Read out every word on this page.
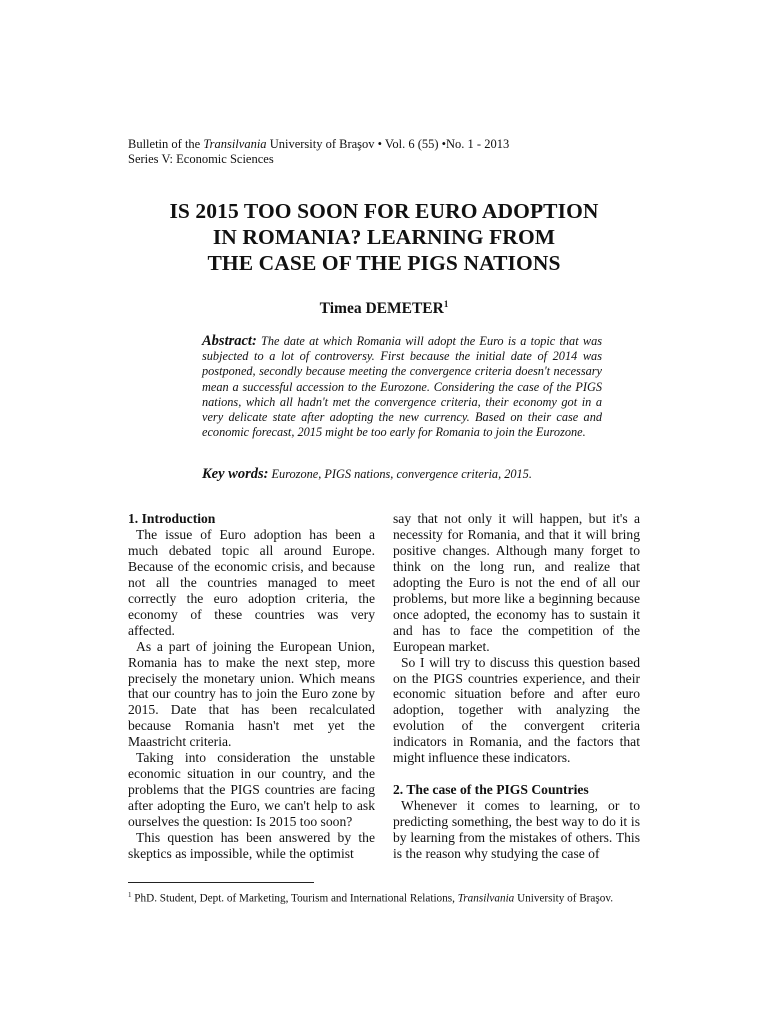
Bulletin of the Transilvania University of Braşov • Vol. 6 (55) •No. 1 - 2013
Series V: Economic Sciences
IS 2015 TOO SOON FOR EURO ADOPTION
IN ROMANIA? LEARNING FROM
THE CASE OF THE PIGS NATIONS
Timea DEMETER$^1$
Abstract: The date at which Romania will adopt the Euro is a topic that was subjected to a lot of controversy. First because the initial date of 2014 was postponed, secondly because meeting the convergence criteria doesn't necessary mean a successful accession to the Eurozone. Considering the case of the PIGS nations, which all hadn't met the convergence criteria, their economy got in a very delicate state after adopting the new currency. Based on their case and economic forecast, 2015 might be too early for Romania to join the Eurozone.
Key words: Eurozone, PIGS nations, convergence criteria, 2015.
1. Introduction

The issue of Euro adoption has been a much debated topic all around Europe. Because of the economic crisis, and because not all the countries managed to meet correctly the euro adoption criteria, the economy of these countries was very affected.

As a part of joining the European Union, Romania has to make the next step, more precisely the monetary union. Which means that our country has to join the Euro zone by 2015. Date that has been recalculated because Romania hasn't met yet the Maastricht criteria.

Taking into consideration the unstable economic situation in our country, and the problems that the PIGS countries are facing after adopting the Euro, we can't help to ask ourselves the question: Is 2015 too soon?

This question has been answered by the skeptics as impossible, while the optimist

say that not only it will happen, but it's a necessity for Romania, and that it will bring positive changes. Although many forget to think on the long run, and realize that adopting the Euro is not the end of all our problems, but more like a beginning because once adopted, the economy has to sustain it and has to face the competition of the European market.

So I will try to discuss this question based on the PIGS countries experience, and their economic situation before and after euro adoption, together with analyzing the evolution of the convergent criteria indicators in Romania, and the factors that might influence these indicators.

2. The case of the PIGS Countries

Whenever it comes to learning, or to predicting something, the best way to do it is by learning from the mistakes of others. This is the reason why studying the case of

$^1$ PhD. Student, Dept. of Marketing, Tourism and International Relations, Transilvania University of Braşov.
